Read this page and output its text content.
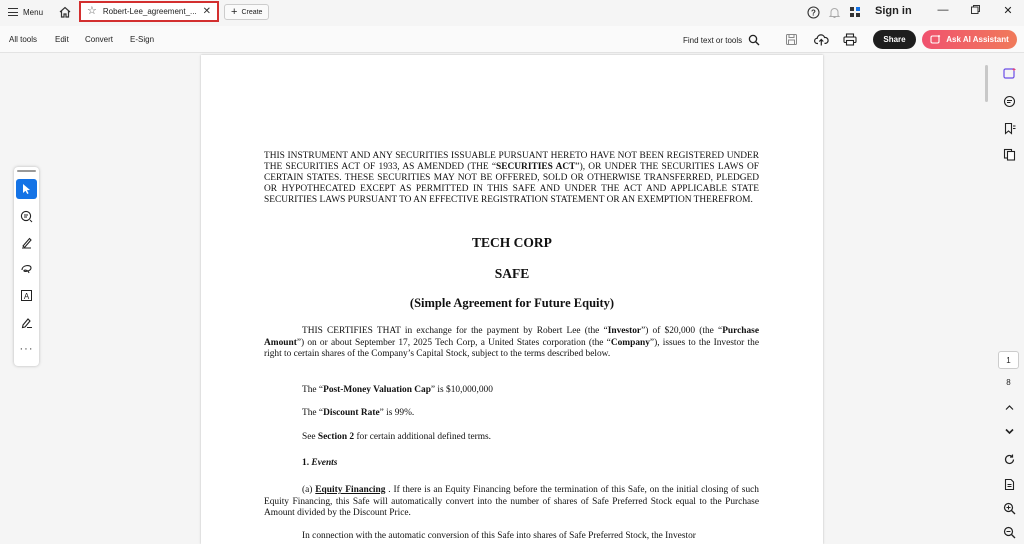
Menu	☆ Robert-Lee_agreement_... ✕ + Create	?	Sign in —	✕
All tools Edit Convert E-Sign	Find text or tools	Share	Ask AI Assistant
A
···
THIS INSTRUMENT AND ANY SECURITIES ISSUABLE PURSUANT HERETO HAVE NOT BEEN REGISTERED UNDER THE SECURITIES ACT OF 1933, AS AMENDED (THE “SECURITIES ACT”), OR UNDER THE SECURITIES LAWS OF CERTAIN STATES. THESE SECURITIES MAY NOT BE OFFERED, SOLD OR OTHERWISE TRANSFERRED, PLEDGED OR HYPOTHECATED EXCEPT AS PERMITTED IN THIS SAFE AND UNDER THE ACT AND APPLICABLE STATE SECURITIES LAWS PURSUANT TO AN EFFECTIVE REGISTRATION STATEMENT OR AN EXEMPTION THEREFROM.
TECH CORP
SAFE
(Simple Agreement for Future Equity)
THIS CERTIFIES THAT in exchange for the payment by Robert Lee (the “Investor”) of $20,000 (the “Purchase Amount”) on or about September 17, 2025 Tech Corp, a United States corporation (the “Company”), issues to the Investor the right to certain shares of the Company’s Capital Stock, subject to the terms described below.
The “Post-Money Valuation Cap” is $10,000,000
The “Discount Rate” is 99%.
See Section 2 for certain additional defined terms.
1. Events
(a) Equity Financing . If there is an Equity Financing before the termination of this Safe, on the initial closing of such Equity Financing, this Safe will automatically convert into the number of shares of Safe Preferred Stock equal to the Purchase Amount divided by the Discount Price.
In connection with the automatic conversion of this Safe into shares of Safe Preferred Stock, the Investor
1
8
